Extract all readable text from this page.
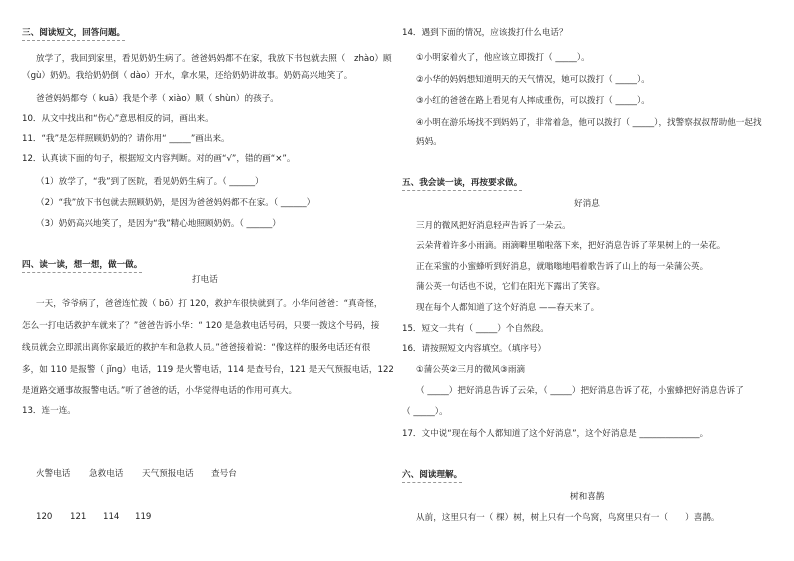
三、阅读短文，回答问题。
放学了，我回到家里，看见奶奶生病了。爸爸妈妈都不在家，我放下书包就去照（　zhào）顾
（gù）奶奶。我给奶奶倒（ dào）开水，拿水果，还给奶奶讲故事。奶奶高兴地笑了。
爸爸妈妈都夸（ kuā）我是个孝（ xiào）顺（ shùn）的孩子。
10．从文中找出和“伤心”意思相反的词，画出来。
11．“我”是怎样照顾奶奶的？请你用“ _____”画出来。
12．认真读下面的句子，根据短文内容判断。对的画“√”，错的画“×”。
（1）放学了，“我”到了医院，看见奶奶生病了。（ ______）
（2）“我”放下书包就去照顾奶奶，是因为爸爸妈妈都不在家。（ ______）
（3）奶奶高兴地笑了，是因为“我”精心地照顾奶奶。（ ______）
四、读一读，想一想，做一做。
打电话
一天，爷爷病了，爸爸连忙拨（ bō）打 120，救护车很快就到了。小华问爸爸：“真奇怪，
怎么一打电话救护车就来了？”爸爸告诉小华：“ 120 是急救电话号码，只要一拨这个号码，接
线员就会立即派出离你家最近的救护车和急救人员。”爸爸接着说：“像这样的服务电话还有很
多，如 110 是报警（ jǐng）电话，119 是火警电话，114 是查号台，121 是天气预报电话，122
是道路交通事故报警电话。”听了爸爸的话，小华觉得电话的作用可真大。
13．连一连。
火警电话 急救电话 天气预报电话 查号台
120 121 114 119
14．遇到下面的情况，应该拨打什么电话？
①小明家着火了，他应该立即拨打（ _____）。
②小华的妈妈想知道明天的天气情况，她可以拨打（ _____）。
③小红的爸爸在路上看见有人摔成重伤，可以拨打（ _____）。
④小明在游乐场找不到妈妈了，非常着急，他可以拨打（ _____），找警察叔叔帮助他一起找
妈妈。
五、我会读一读，再按要求做。
好消息
三月的微风把好消息轻声告诉了一朵云。
云朵背着许多小雨滴。雨滴噼里啪啦落下来，把好消息告诉了苹果树上的一朵花。
正在采蜜的小蜜蜂听到好消息，就嗡嗡地唱着歌告诉了山上的每一朵蒲公英。
蒲公英一句话也不说，它们在阳光下露出了笑容。
现在每个人都知道了这个好消息 ——春天来了。
15．短文一共有（ _____）个自然段。
16．请按照短文内容填空。（填序号）
①蒲公英②三月的微风③雨滴
（ _____）把好消息告诉了云朵，（ _____）把好消息告诉了花，小蜜蜂把好消息告诉了
（ _____）。
17．文中说“现在每个人都知道了这个好消息”，这个好消息是 ______________。
六、阅读理解。
树和喜鹊
从前，这里只有一（ 棵）树，树上只有一个鸟窝，鸟窝里只有一（　　）喜鹊。
